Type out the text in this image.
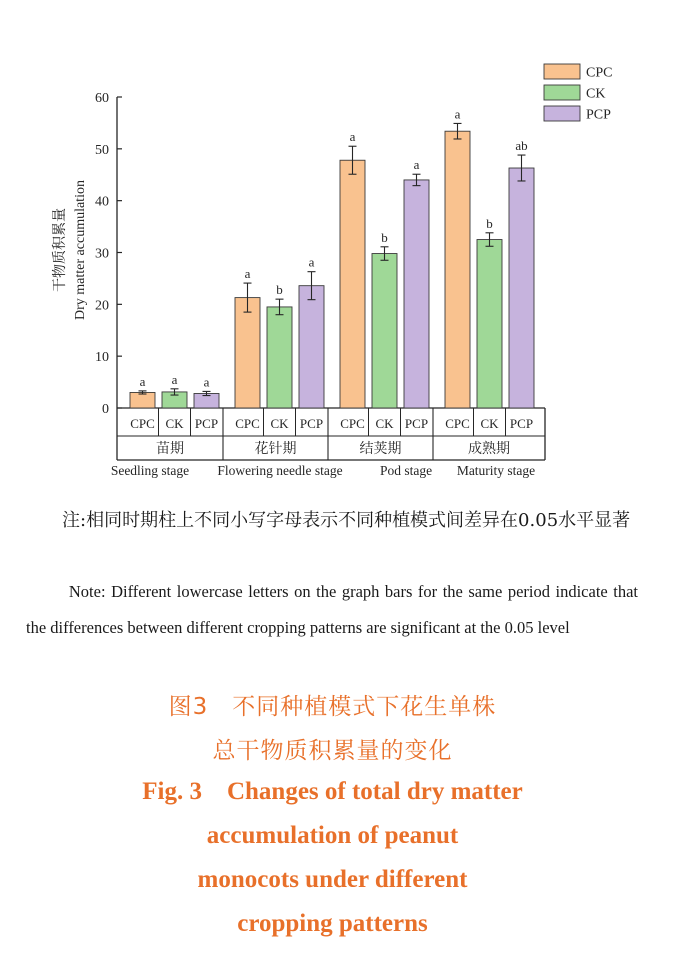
0
10
20
30
40
50
60
干物质积累量 Dry matter accumulation
a
CPC
a
CK
a
PCP
苗期
a
CPC
b
CK
a
PCP
花针期
a
CPC
b
CK
a
PCP
结荚期
a
CPC
b
CK
ab
PCP
成熟期
Seedling stage Flowering needle stage	Pod stage Maturity stage
CPC
CK
PCP
注:相同时期柱上不同小写字母表示不同种植模式间差异在0.05水平显著
Note: Different lowercase letters on the graph bars for the same period indicate that the differences between different cropping patterns are significant at the 0.05 level
图3　不同种植模式下花生单株
总干物质积累量的变化
Fig. 3　Changes of total dry matter
accumulation of peanut
monocots under different
cropping patterns
